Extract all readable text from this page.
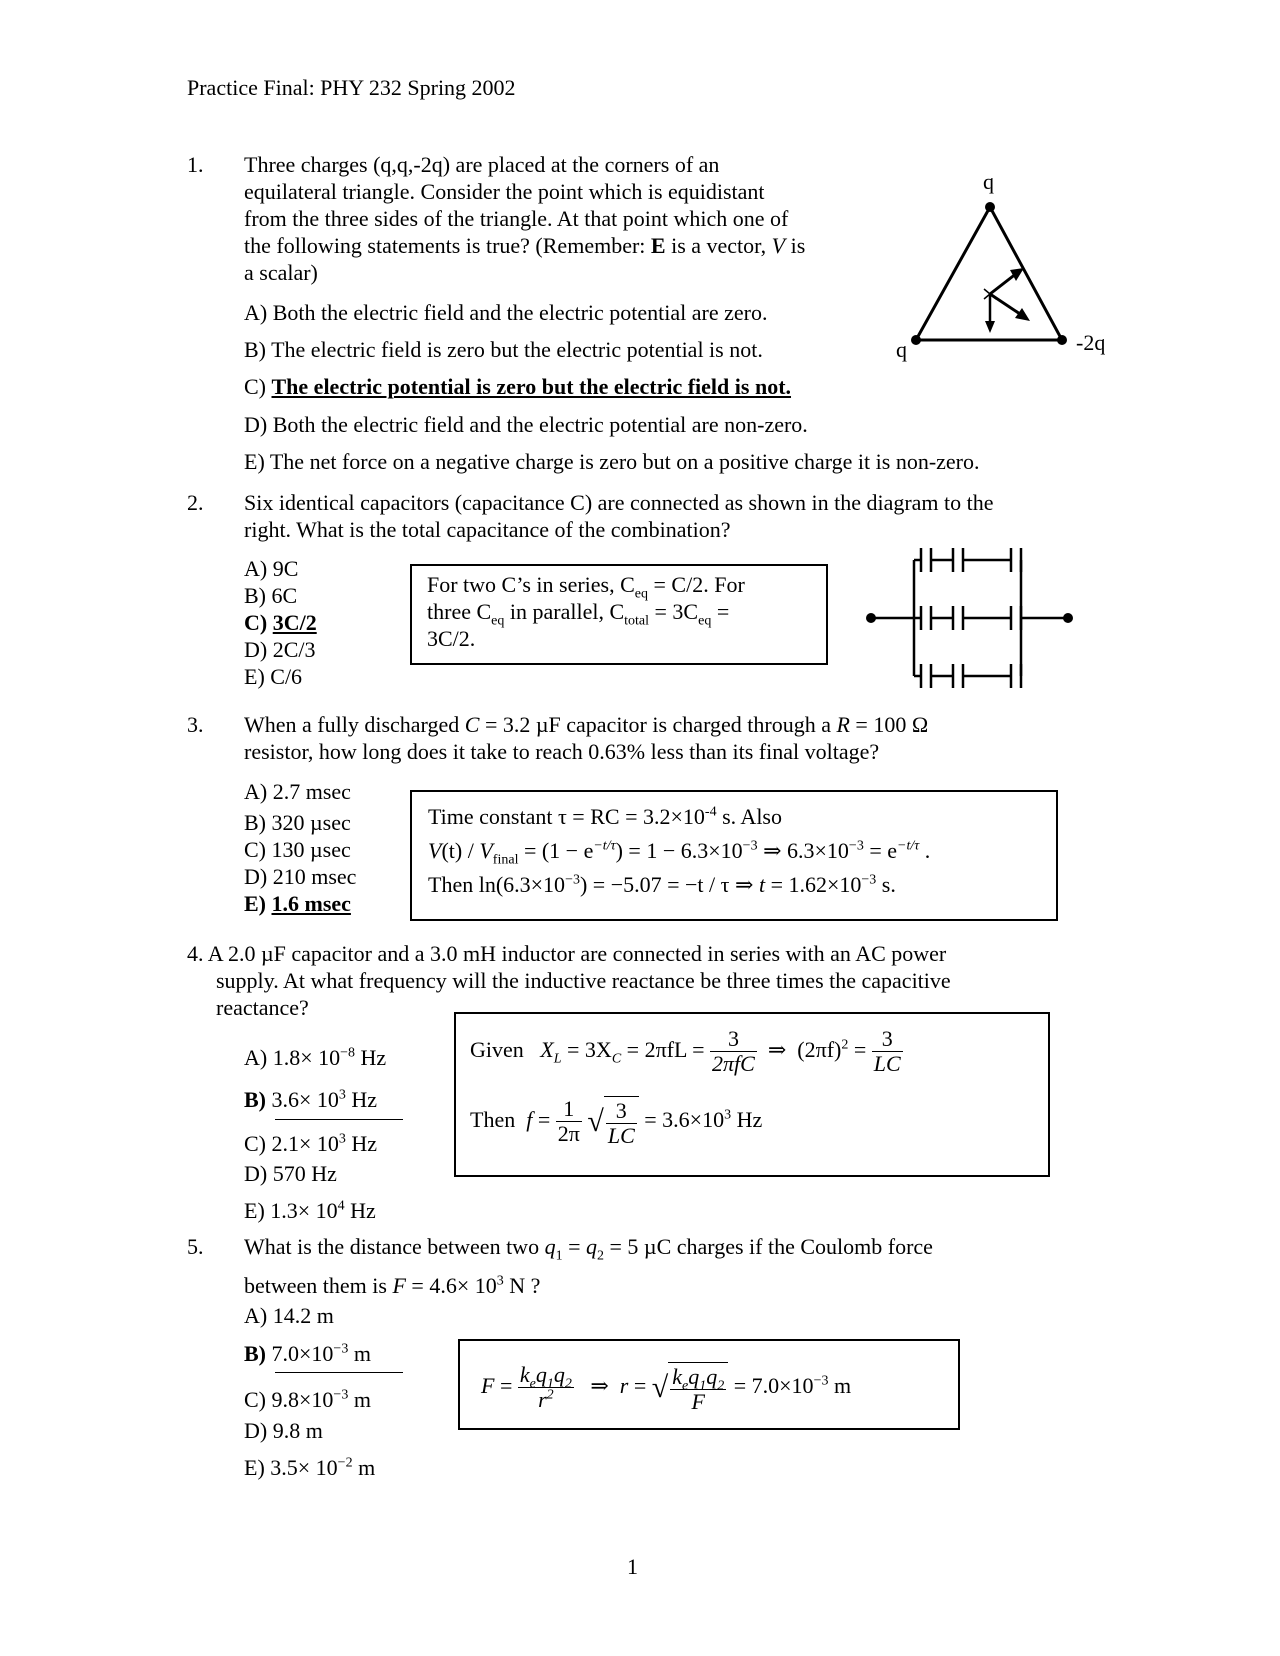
Practice Final: PHY 232 Spring 2002
1. Three charges (q,q,-2q) are placed at the corners of an
equilateral triangle. Consider the point which is equidistant
from the three sides of the triangle. At that point which one of
the following statements is true? (Remember: E is a vector, V is
a scalar)
A) Both the electric field and the electric potential are zero.
B) The electric field is zero but the electric potential is not.
C) The electric potential is zero but the electric field is not.
D) Both the electric field and the electric potential are non-zero.
E) The net force on a negative charge is zero but on a positive charge it is non-zero.
q
q	-2q
2. Six identical capacitors (capacitance C) are connected as shown in the diagram to the
right. What is the total capacitance of the combination?
A) 9C
B) 6C
C) 3C/2
D) 2C/3
E) C/6
For two C’s in series, $C_{eq} = C/2$. For
three $C_{eq}$ in parallel, $C_{total} = 3C_{eq}$ =
3C/2.
3. When a fully discharged C = 3.2 µF capacitor is charged through a R = 100 Ω
resistor, how long does it take to reach 0.63% less than its final voltage?
A) 2.7 msec
B) 320 µsec
C) 130 µsec
D) 210 msec
E) 1.6 msec
Time constant τ = RC = $3.2\times 10^{-4}$ s. Also
$V(t) / V_{final} = (1 - e^{-t/\tau}) = 1 - 6.3\times 10^{-3}$ ⇒ $6.3\times 10^{-3} = e^{-t/\tau}$ .
Then $\ln(6.3\times 10^{-3}) = -5.07 = -t / \tau$ ⇒ $t = 1.62\times 10^{-3}$ s.
4. A 2.0 µF capacitor and a 3.0 mH inductor are connected in series with an AC power
supply. At what frequency will the inductive reactance be three times the capacitive
reactance?
A) $1.8\times 10^{-8}$ Hz
B) $3.6\times 10^3$ Hz
C) $2.1\times 10^3$ Hz
D) 570 Hz
E) $1.3\times 10^4$ Hz
Given $X_L = 3X_C = 2\pi fL = \frac{3}{\text{2πfC}}$ ⇒ $(2\pi f)^2 = \frac{3}{LC}$
Then $f = \frac{1}{2\pi}$ √ $\frac{3}{LC} = 3.6\times 10^3$ Hz
5. What is the distance between two $q_1 = q_2 = 5$ µC charges if the Coulomb force
between them is $F = 4.6\times 10^3$ N ?
A) 14.2 m
B) $7.0\times 10^{-3}$ m
C) $9.8\times 10^{-3}$ m
D) 9.8 m
E) $3.5\times 10^{-2}$ m
$F = \frac{k_eq_1q_2}{r^2}$ ⇒ r = √ $\frac{k_eq_1q_2}{F} = 7.0\times 10^{-3}$ m
1
